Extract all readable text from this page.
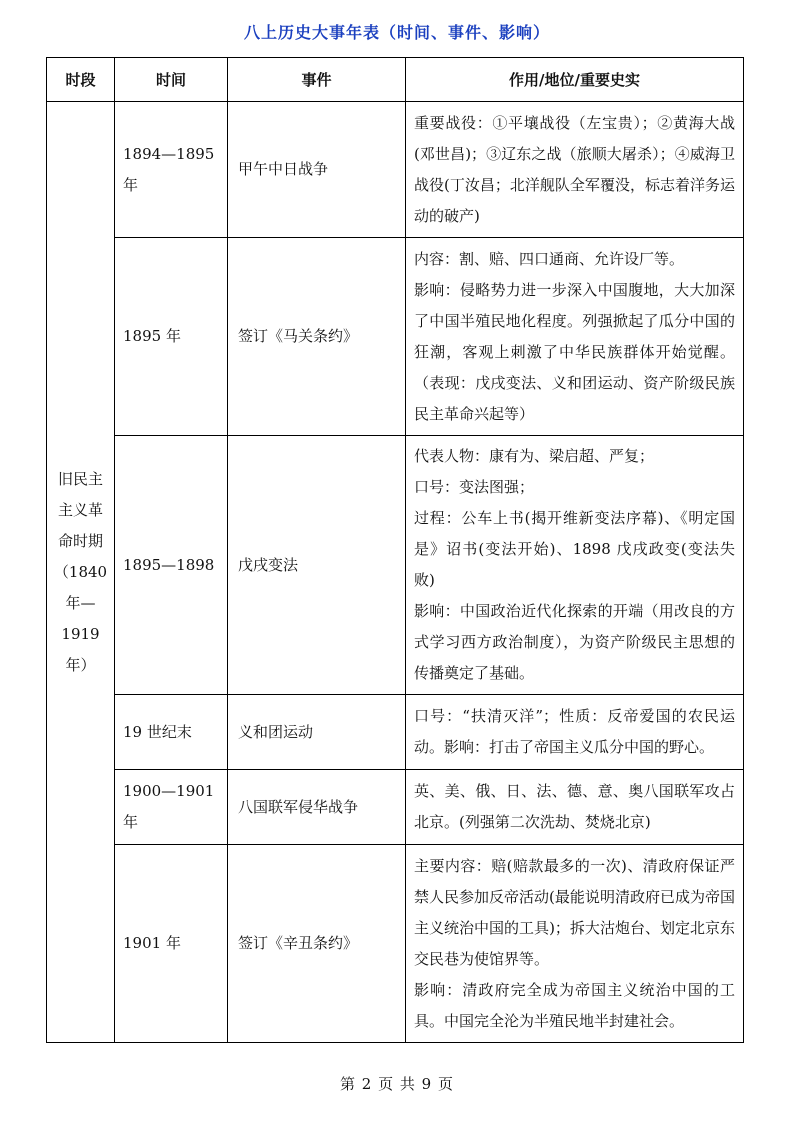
八上历史大事年表（时间、事件、影响）
时段	时间	事件	作用/地位/重要史实
旧民主主义革命时期（1840年—1919年）	1894—1895年	甲午中日战争	重要战役：①平壤战役（左宝贵）；②黄海大战(邓世昌)；③辽东之战（旅顺大屠杀）；④威海卫战役(丁汝昌；北洋舰队全军覆没，标志着洋务运动的破产)

	1895 年	签订《马关条约》	内容：割、赔、四口通商、允许设厂等。
影响：侵略势力进一步深入中国腹地，大大加深了中国半殖民地化程度。列强掀起了瓜分中国的狂潮，客观上刺激了中华民族群体开始觉醒。（表现：戊戌变法、义和团运动、资产阶级民族民主革命兴起等）

	1895—1898	戊戌变法	代表人物：康有为、梁启超、严复；
口号：变法图强；
过程：公车上书(揭开维新变法序幕)、《明定国是》诏书(变法开始)、1898 戊戌政变(变法失败)
影响：中国政治近代化探索的开端（用改良的方式学习西方政治制度），为资产阶级民主思想的传播奠定了基础。

	19 世纪末	义和团运动	口号：“扶清灭洋”；性质：反帝爱国的农民运动。影响：打击了帝国主义瓜分中国的野心。

	1900—1901年	八国联军侵华战争	英、美、俄、日、法、德、意、奥八国联军攻占北京。(列强第二次洗劫、焚烧北京)

	1901 年	签订《辛丑条约》	主要内容：赔(赔款最多的一次)、清政府保证严禁人民参加反帝活动(最能说明清政府已成为帝国主义统治中国的工具)；拆大沽炮台、划定北京东交民巷为使馆界等。
影响：清政府完全成为帝国主义统治中国的工具。中国完全沦为半殖民地半封建社会。
第 2 页 共 9 页
